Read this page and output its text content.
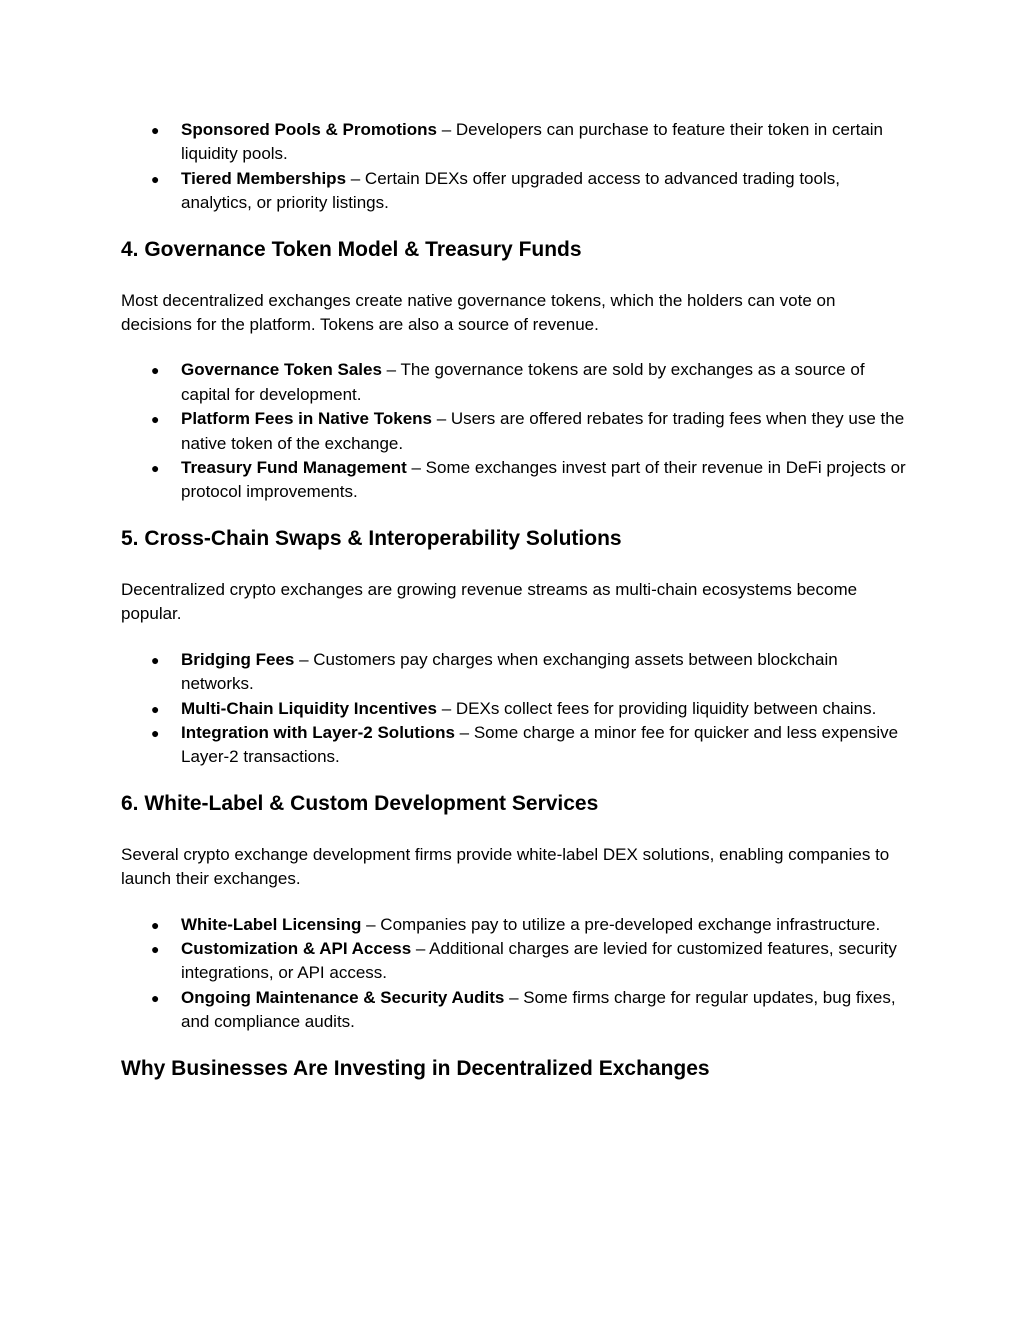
● Sponsored Pools & Promotions – Developers can purchase to feature their token in certain liquidity pools.
● Tiered Memberships – Certain DEXs offer upgraded access to advanced trading tools, analytics, or priority listings.
4. Governance Token Model & Treasury Funds

Most decentralized exchanges create native governance tokens, which the holders can vote on decisions for the platform. Tokens are also a source of revenue.

● Governance Token Sales – The governance tokens are sold by exchanges as a source of capital for development.
● Platform Fees in Native Tokens – Users are offered rebates for trading fees when they use the native token of the exchange.
● Treasury Fund Management – Some exchanges invest part of their revenue in DeFi projects or protocol improvements.
5. Cross-Chain Swaps & Interoperability Solutions

Decentralized crypto exchanges are growing revenue streams as multi-chain ecosystems become popular.

● Bridging Fees – Customers pay charges when exchanging assets between blockchain networks.
● Multi-Chain Liquidity Incentives – DEXs collect fees for providing liquidity between chains.
● Integration with Layer-2 Solutions – Some charge a minor fee for quicker and less expensive Layer-2 transactions.
6. White-Label & Custom Development Services

Several crypto exchange development firms provide white-label DEX solutions, enabling companies to launch their exchanges.

● White-Label Licensing – Companies pay to utilize a pre-developed exchange infrastructure.
● Customization & API Access – Additional charges are levied for customized features, security integrations, or API access.
● Ongoing Maintenance & Security Audits – Some firms charge for regular updates, bug fixes, and compliance audits.
Why Businesses Are Investing in Decentralized Exchanges
